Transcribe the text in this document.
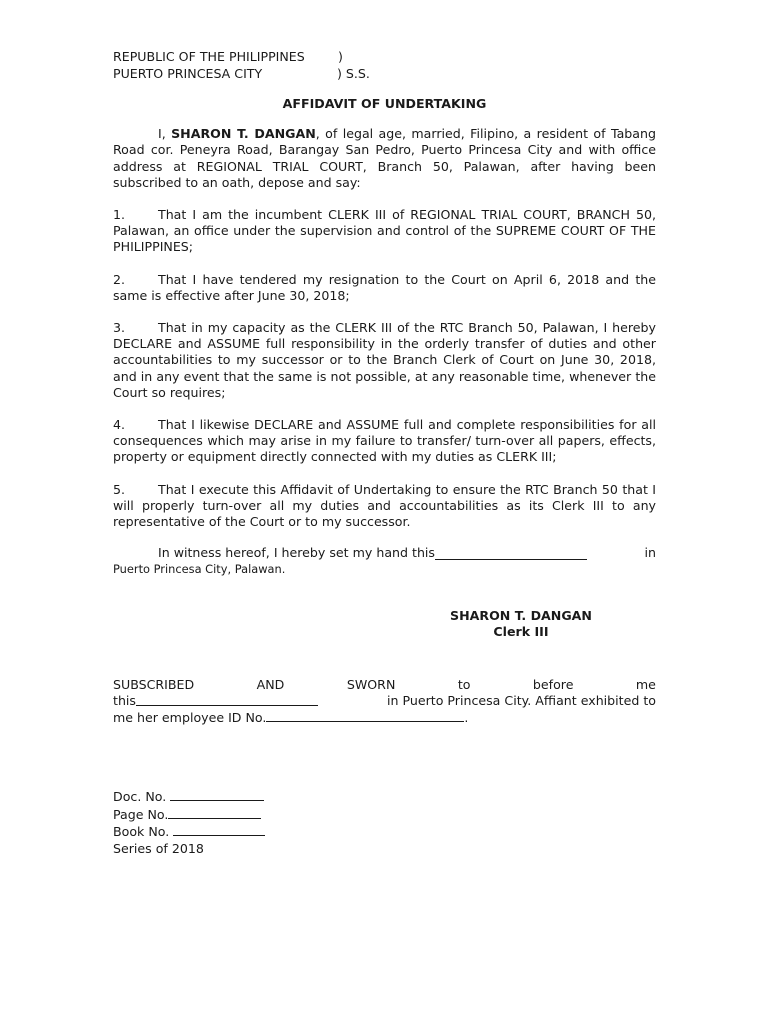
REPUBLIC OF THE PHILIPPINES	)
PUERTO PRINCESA CITY	) S.S.
AFFIDAVIT OF UNDERTAKING

I, SHARON T. DANGAN, of legal age, married, Filipino, a resident of Tabang Road cor. Peneyra Road, Barangay San Pedro, Puerto Princesa City and with office address at REGIONAL TRIAL COURT, Branch 50, Palawan, after having been subscribed to an oath, depose and say:

1.	That I am the incumbent CLERK III of REGIONAL TRIAL COURT, BRANCH 50, Palawan, an office under the supervision and control of the SUPREME COURT OF THE PHILIPPINES;

2.	That I have tendered my resignation to the Court on April 6, 2018 and the same is effective after June 30, 2018;

3.	That in my capacity as the CLERK III of the RTC Branch 50, Palawan, I hereby DECLARE and ASSUME full responsibility in the orderly transfer of duties and other accountabilities to my successor or to the Branch Clerk of Court on June 30, 2018, and in any event that the same is not possible, at any reasonable time, whenever the Court so requires;

4.	That I likewise DECLARE and ASSUME full and complete responsibilities for all consequences which may arise in my failure to transfer/ turn-over all papers, effects, property or equipment directly connected with my duties as CLERK III;

5.	That I execute this Affidavit of Undertaking to ensure the RTC Branch 50 that I will properly turn-over all my duties and accountabilities as its Clerk III to any representative of the Court or to my successor.

In witness hereof, I hereby set my hand this	in
Puerto Princesa City, Palawan.
SHARON T. DANGAN
Clerk III
SUBSCRIBED	AND	SWORN	to	before	me
this	in Puerto Princesa City. Affiant exhibited to
me her employee ID No.	.
Doc. No.
Page No.
Book No.
Series of 2018
